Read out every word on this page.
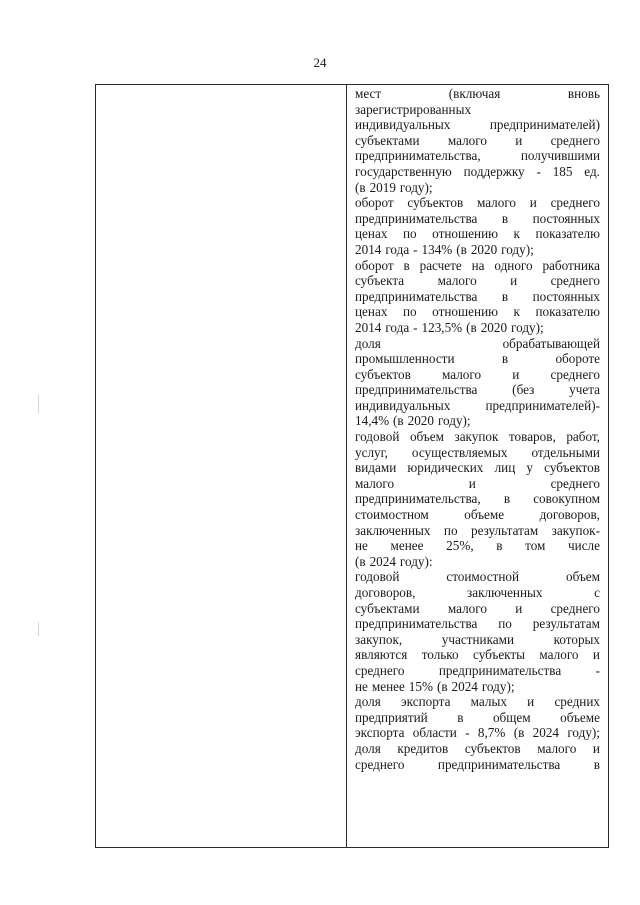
24
мест	(включая	вновь
зарегистрированных
индивидуальных	предпринимателей)
субъектами малого и среднего
предпринимательства,	получившими
государственную поддержку - 185 ед.
(в 2019 году);
оборот субъектов малого и среднего
предпринимательства в постоянных
ценах по отношению к показателю
2014 года - 134% (в 2020 году);
оборот в расчете на одного работника
субъекта	малого	и	среднего
предпринимательства в постоянных
ценах по отношению к показателю
2014 года - 123,5% (в 2020 году);
доля	обрабатывающей
промышленности	в	обороте
субъектов малого и среднего
предпринимательства	(без	учета
индивидуальных	предпринимателей)-
14,4% (в 2020 году);
годовой объем закупок товаров, работ,
услуг, осуществляемых отдельными
видами юридических лиц у субъектов
малого	и	среднего
предпринимательства, в совокупном
стоимостном	объеме	договоров,
заключенных по результатам закупок-
не менее 25%, в том числе
(в 2024 году):
годовой	стоимостной	объем
договоров,	заключенных	с
субъектами малого и среднего
предпринимательства по результатам
закупок,	участниками	которых
являются только субъекты малого и
среднего	предпринимательства	-
не менее 15% (в 2024 году);
доля экспорта малых и средних
предприятий в общем объеме
экспорта области - 8,7% (в 2024 году);
доля кредитов субъектов малого и
среднего	предпринимательства	в
